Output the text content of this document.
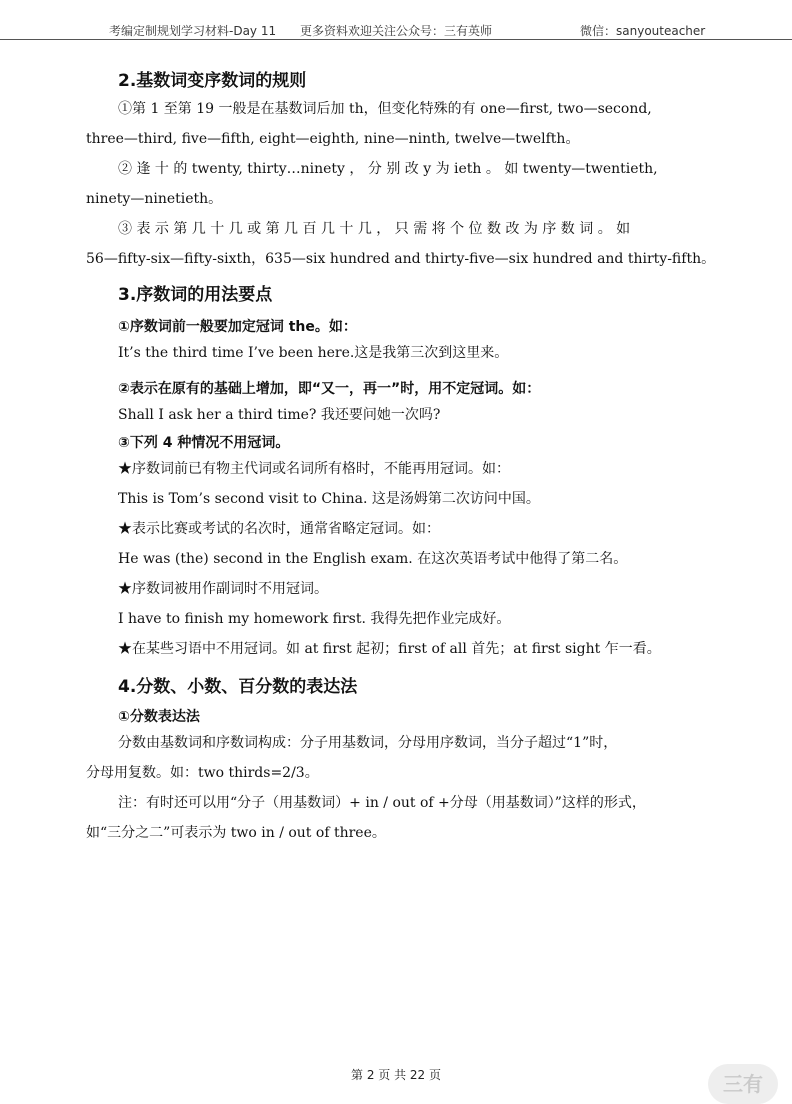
考编定制规划学习材料-Day 11 更多资料欢迎关注公众号：三有英师	微信：sanyouteacher
2.基数词变序数词的规则
①第 1 至第 19 一般是在基数词后加 th，但变化特殊的有 one—first, two—second,
three—third, five—fifth, eight—eighth, nine—ninth, twelve—twelfth。
② 逢 十 的 twenty, thirty…ninety ， 分 别 改 y 为 ieth 。 如 twenty—twentieth,
ninety—ninetieth。
③ 表 示 第 几 十 几 或 第 几 百 几 十 几 ， 只 需 将 个 位 数 改 为 序 数 词 。 如
56—fifty-six—fifty-sixth，635—six hundred and thirty-five—six hundred and thirty-fifth。
3.序数词的用法要点
①序数词前一般要加定冠词 the。如：
It’s the third time I’ve been here.这是我第三次到这里来。
②表示在原有的基础上增加，即“又一，再一”时，用不定冠词。如：
Shall I ask her a third time? 我还要问她一次吗?
③下列 4 种情况不用冠词。
★序数词前已有物主代词或名词所有格时，不能再用冠词。如：
This is Tom’s second visit to China. 这是汤姆第二次访问中国。
★表示比赛或考试的名次时，通常省略定冠词。如：
He was (the) second in the English exam. 在这次英语考试中他得了第二名。
★序数词被用作副词时不用冠词。
I have to finish my homework first. 我得先把作业完成好。
★在某些习语中不用冠词。如 at first 起初；first of all 首先；at first sight 乍一看。
4.分数、小数、百分数的表达法
①分数表达法
分数由基数词和序数词构成：分子用基数词，分母用序数词，当分子超过“1”时，
分母用复数。如：two thirds=2/3。
注：有时还可以用“分子（用基数词）+ in / out of +分母（用基数词）”这样的形式，
如“三分之二”可表示为 two in / out of three。
第 2 页 共 22 页	三有
